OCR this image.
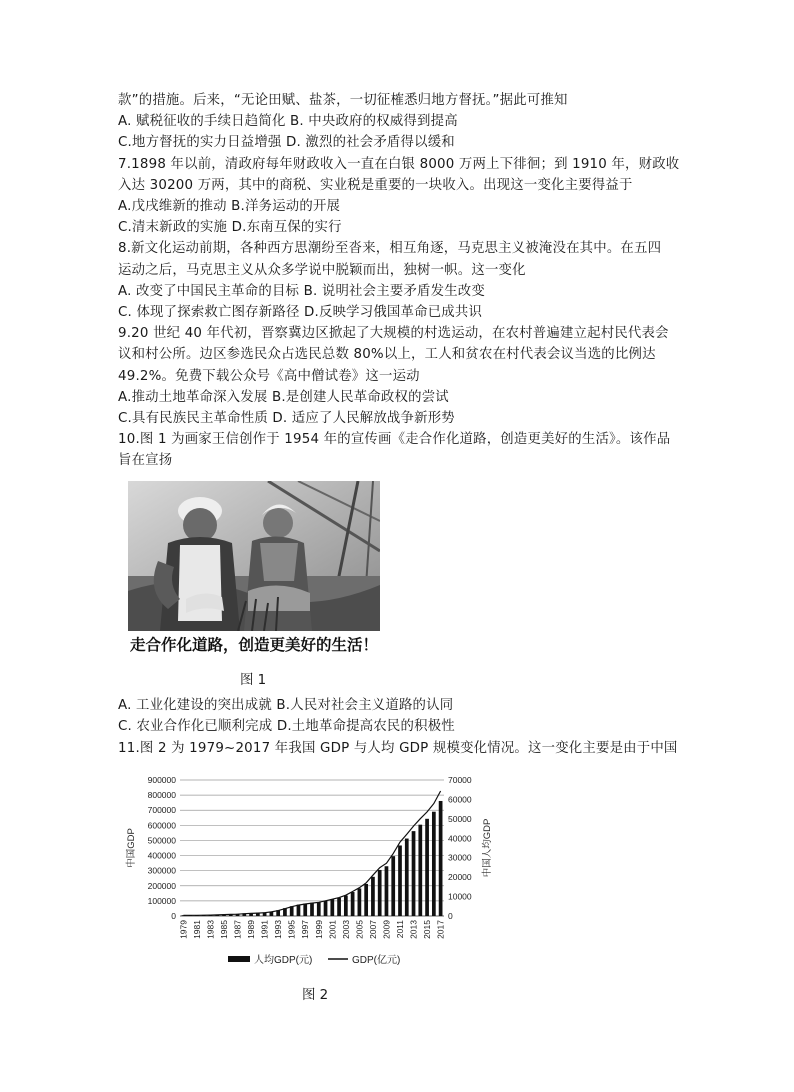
款”的措施。后来，“无论田赋、盐茶，一切征榷悉归地方督抚。”据此可推知
A. 赋税征收的手续日趋简化 B. 中央政府的权威得到提高
C.地方督抚的实力日益增强 D. 激烈的社会矛盾得以缓和
7.1898 年以前，清政府每年财政收入一直在白银 8000 万两上下徘徊；到 1910 年，财政收
入达 30200 万两，其中的商税、实业税是重要的一块收入。出现这一变化主要得益于
A.戊戌维新的推动 B.洋务运动的开展
C.清末新政的实施 D.东南互保的实行
8.新文化运动前期，各种西方思潮纷至沓来，相互角逐，马克思主义被淹没在其中。在五四
运动之后，马克思主义从众多学说中脱颖而出，独树一帜。这一变化
A. 改变了中国民主革命的目标 B. 说明社会主要矛盾发生改变
C. 体现了探索救亡图存新路径 D.反映学习俄国革命已成共识
9.20 世纪 40 年代初，晋察冀边区掀起了大规模的村选运动，在农村普遍建立起村民代表会
议和村公所。边区参选民众占选民总数 80%以上，工人和贫农在村代表会议当选的比例达
49.2%。免费下载公众号《高中僧试卷》这一运动
A.推动土地革命深入发展 B.是创建人民革命政权的尝试
C.具有民族民主革命性质 D. 适应了人民解放战争新形势
10.图 1 为画家王信创作于 1954 年的宣传画《走合作化道路，创造更美好的生活》。该作品
旨在宣扬
走合作化道路，创造更美好的生活！
图 1
A. 工业化建设的突出成就 B.人民对社会主义道路的认同
C. 农业合作化已顺利完成 D.土地革命提高农民的积极性
11.图 2 为 1979~2017 年我国 GDP 与人均 GDP 规模变化情况。这一变化主要是由于中国
0
100000
200000
300000
400000
500000
600000
700000
800000
900000
0
10000
20000
30000
40000
50000
60000
70000
1979 1981 1983 1985 1987 1989 1991 1993 1995 1997 1999 2001 2003 2005 2007 2009 2011 2013 2015 2017
中国GDP	中国人均GDP
人均GDP(元)	GDP(亿元)
图 2
